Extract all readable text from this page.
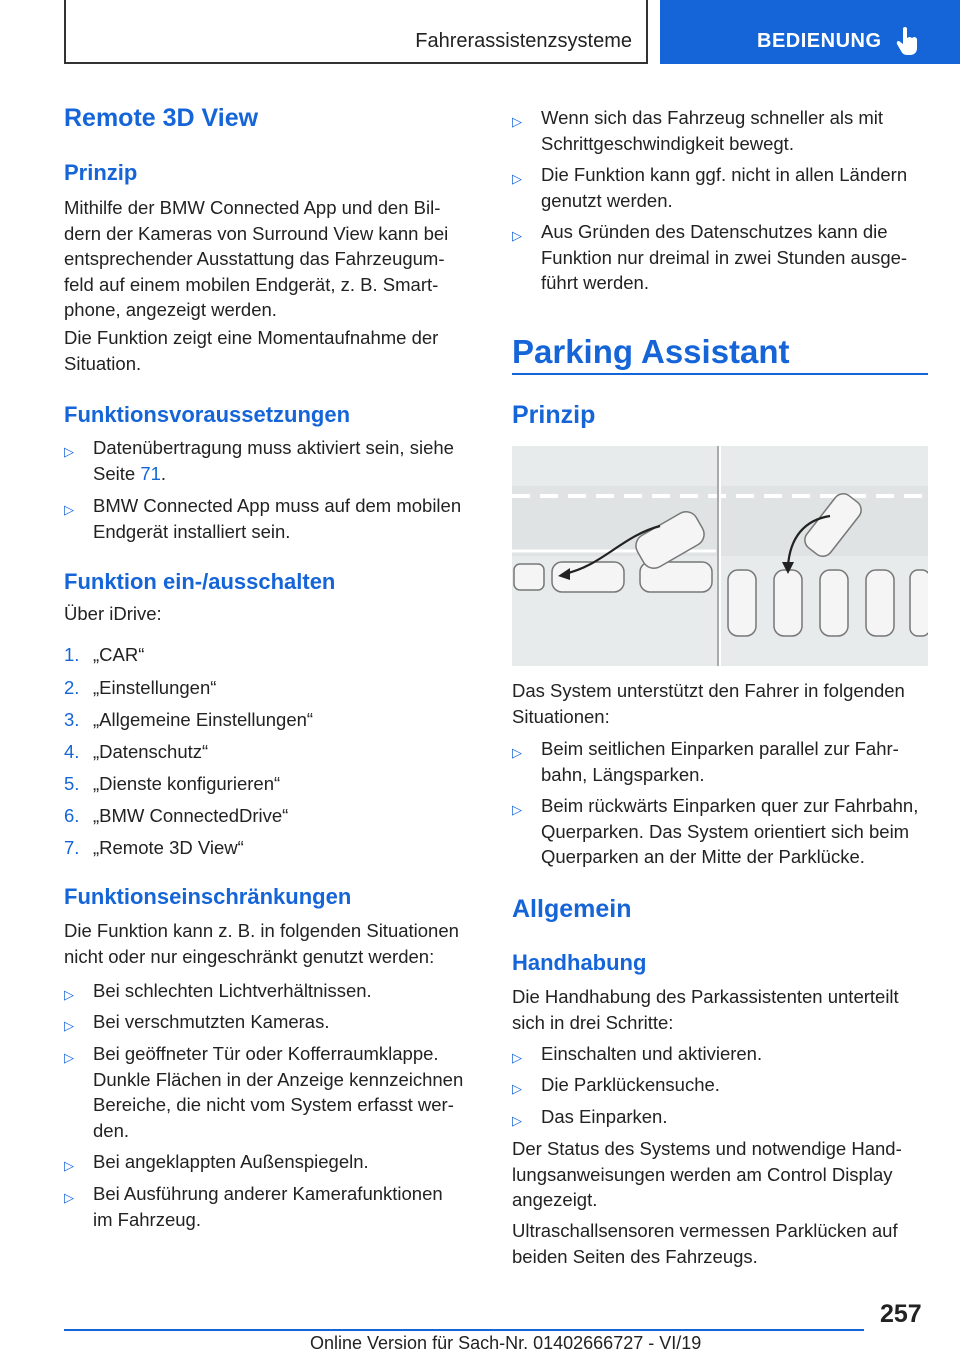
Fahrerassistenzsysteme	BEDIENUNG
Remote 3D View
Prinzip
Mithilfe der BMW Connected App und den Bil-
dern der Kameras von Surround View kann bei
entsprechender Ausstattung das Fahrzeugum-
feld auf einem mobilen Endgerät, z. B. Smart-
phone, angezeigt werden.
Die Funktion zeigt eine Momentaufnahme der
Situation.
Funktionsvoraussetzungen
▷ Datenübertragung muss aktiviert sein, siehe
Seite 71.
▷ BMW Connected App muss auf dem mobilen
Endgerät installiert sein.
Funktion ein-/ausschalten
Über iDrive:
1. „CAR“
2. „Einstellungen“
3. „Allgemeine Einstellungen“
4. „Datenschutz“
5. „Dienste konfigurieren“
6. „BMW ConnectedDrive“
7. „Remote 3D View“
Funktionseinschränkungen
Die Funktion kann z. B. in folgenden Situationen
nicht oder nur eingeschränkt genutzt werden:
▷ Bei schlechten Lichtverhältnissen.
▷ Bei verschmutzten Kameras.
▷ Bei geöffneter Tür oder Kofferraumklappe.
Dunkle Flächen in der Anzeige kennzeichnen
Bereiche, die nicht vom System erfasst wer-
den.
▷ Bei angeklappten Außenspiegeln.
▷ Bei Ausführung anderer Kamerafunktionen
im Fahrzeug.
▷ Wenn sich das Fahrzeug schneller als mit
Schrittgeschwindigkeit bewegt.
▷ Die Funktion kann ggf. nicht in allen Ländern
genutzt werden.
▷ Aus Gründen des Datenschutzes kann die
Funktion nur dreimal in zwei Stunden ausge-
führt werden.
Parking Assistant
Prinzip
Das System unterstützt den Fahrer in folgenden
Situationen:
▷ Beim seitlichen Einparken parallel zur Fahr-
bahn, Längsparken.
▷ Beim rückwärts Einparken quer zur Fahrbahn,
Querparken. Das System orientiert sich beim
Querparken an der Mitte der Parklücke.
Allgemein
Handhabung
Die Handhabung des Parkassistenten unterteilt
sich in drei Schritte:
▷ Einschalten und aktivieren.
▷ Die Parklückensuche.
▷ Das Einparken.
Der Status des Systems und notwendige Hand-
lungsanweisungen werden am Control Display
angezeigt.
Ultraschallsensoren vermessen Parklücken auf
beiden Seiten des Fahrzeugs.
257
Online Version für Sach-Nr. 01402666727 - VI/19
